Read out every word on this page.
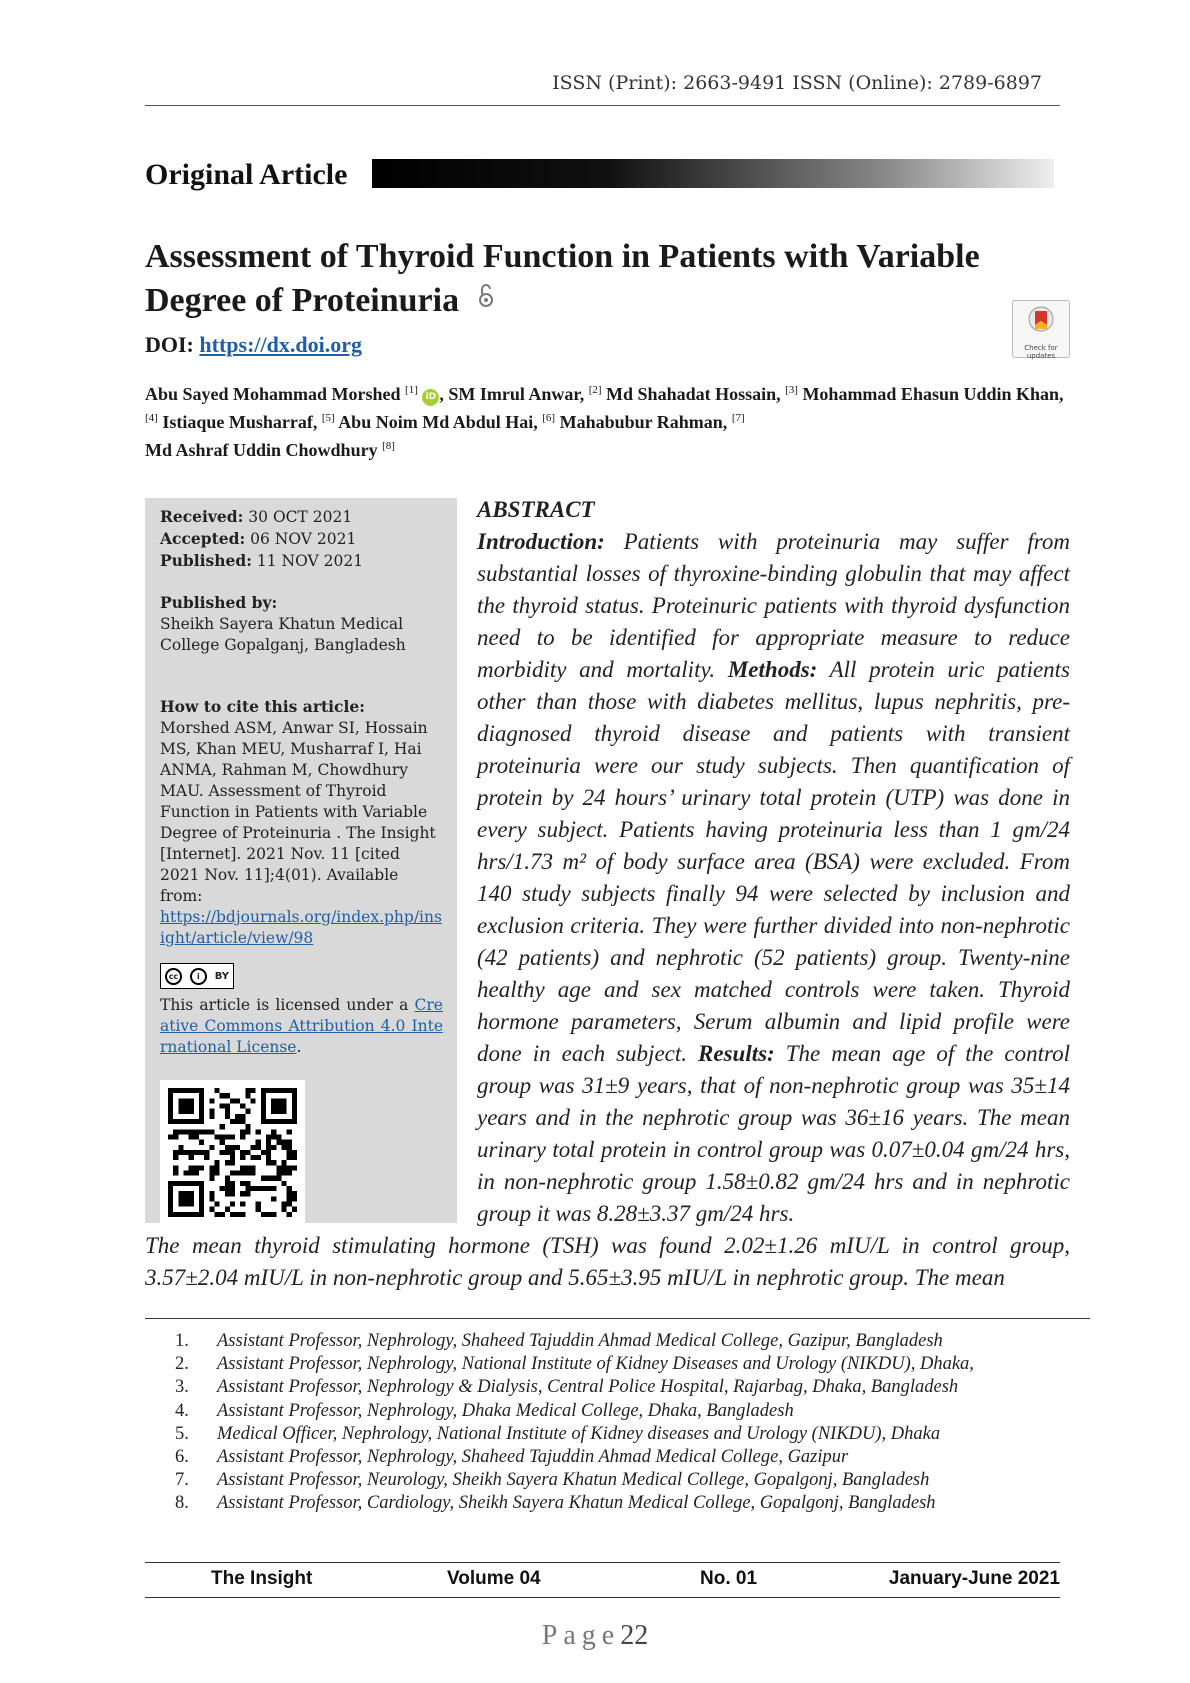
ISSN (Print): 2663-9491 ISSN (Online): 2789-6897
Original Article
Assessment of Thyroid Function in Patients with Variable Degree of Proteinuria
Check for updates
DOI: https://dx.doi.org
Abu Sayed Mohammad Morshed [1] iD , SM Imrul Anwar, [2] Md Shahadat Hossain, [3] Mohammad Ehasun Uddin Khan, [4] Istiaque Musharraf, [5] Abu Noim Md Abdul Hai, [6] Mahabubur Rahman, [7]
Md Ashraf Uddin Chowdhury [8]
Received: 30 OCT 2021
Accepted: 06 NOV 2021
Published: 11 NOV 2021
Published by:
Sheikh Sayera Khatun Medical College Gopalganj, Bangladesh
How to cite this article:
Morshed ASM, Anwar SI, Hossain MS, Khan MEU, Musharraf I, Hai ANMA, Rahman M, Chowdhury MAU. Assessment of Thyroid Function in Patients with Variable Degree of Proteinuria . The Insight [Internet]. 2021 Nov. 11 [cited 2021 Nov. 11];4(01). Available from:
https://bdjournals.org/index.php/insight/article/view/98
cc	i	BY
This article is licensed under a Creative Commons Attribution 4.0 International License.
ABSTRACT
Introduction: Patients with proteinuria may suffer from substantial losses of thyroxine-binding globulin that may affect the thyroid status. Proteinuric patients with thyroid dysfunction need to be identified for appropriate measure to reduce morbidity and mortality. Methods: All protein uric patients other than those with diabetes mellitus, lupus nephritis, pre-diagnosed thyroid disease and patients with transient proteinuria were our study subjects. Then quantification of protein by 24 hours’ urinary total protein (UTP) was done in every subject. Patients having proteinuria less than 1 gm/24 hrs/1.73 m² of body surface area (BSA) were excluded. From 140 study subjects finally 94 were selected by inclusion and exclusion criteria. They were further divided into non-nephrotic (42 patients) and nephrotic (52 patients) group. Twenty-nine healthy age and sex matched controls were taken. Thyroid hormone parameters, Serum albumin and lipid profile were done in each subject. Results: The mean age of the control group was 31±9 years, that of non-nephrotic group was 35±14 years and in the nephrotic group was 36±16 years. The mean urinary total protein in control group was 0.07±0.04 gm/24 hrs, in non-nephrotic group 1.58±0.82 gm/24 hrs and in nephrotic group it was 8.28±3.37 gm/24 hrs.
The mean thyroid stimulating hormone (TSH) was found 2.02±1.26 mIU/L in control group, 3.57±2.04 mIU/L in non-nephrotic group and 5.65±3.95 mIU/L in nephrotic group. The mean
1.	Assistant Professor, Nephrology, Shaheed Tajuddin Ahmad Medical College, Gazipur, Bangladesh
2.	Assistant Professor, Nephrology, National Institute of Kidney Diseases and Urology (NIKDU), Dhaka,
3.	Assistant Professor, Nephrology & Dialysis, Central Police Hospital, Rajarbag, Dhaka, Bangladesh
4.	Assistant Professor, Nephrology, Dhaka Medical College, Dhaka, Bangladesh
5.	Medical Officer, Nephrology, National Institute of Kidney diseases and Urology (NIKDU), Dhaka
6.	Assistant Professor, Nephrology, Shaheed Tajuddin Ahmad Medical College, Gazipur
7.	Assistant Professor, Neurology, Sheikh Sayera Khatun Medical College, Gopalgonj, Bangladesh
8.	Assistant Professor, Cardiology, Sheikh Sayera Khatun Medical College, Gopalgonj, Bangladesh
The Insight	Volume 04	No. 01	January-June 2021
Page22
